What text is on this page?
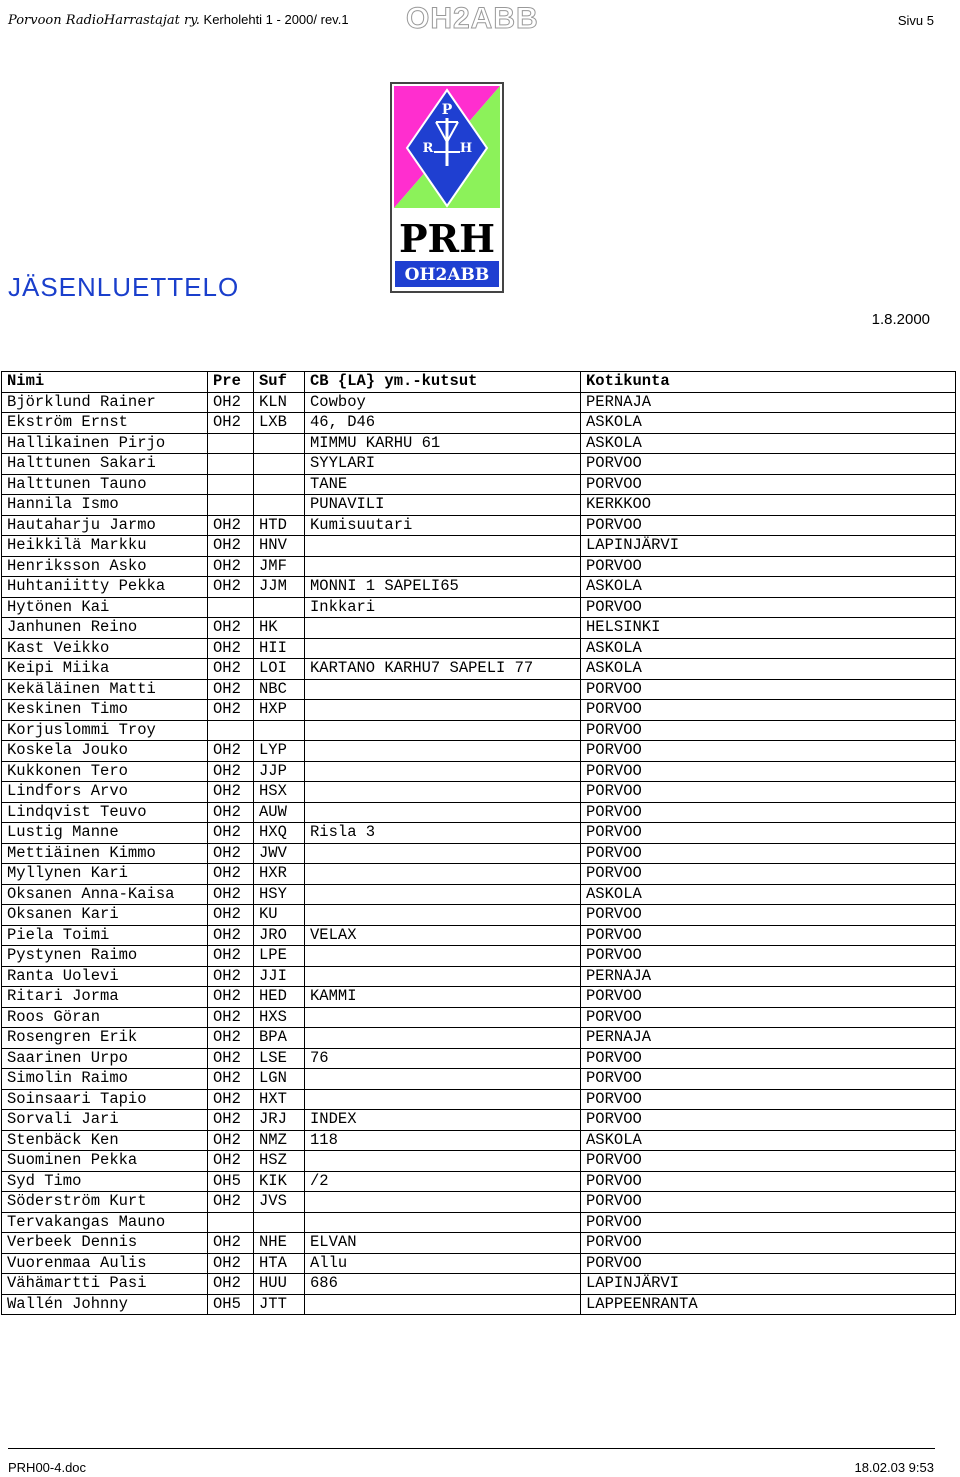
Porvoon RadioHarrastajat ry. Kerholehti 1 - 2000/ rev.1 OH2ABB	Sivu 5
P
R H
PRH
OH2ABB
JÄSENLUETTELO
1.8.2000
Nimi	Pre	Suf	CB {LA} ym.-kutsut	Kotikunta
Björklund Rainer	OH2	KLN	Cowboy	PERNAJA
Ekström Ernst	OH2	LXB	46, D46	ASKOLA
Hallikainen Pirjo			MIMMU KARHU 61	ASKOLA
Halttunen Sakari			SYYLARI	PORVOO
Halttunen Tauno			TANE	PORVOO
Hannila Ismo			PUNAVILI	KERKKOO
Hautaharju Jarmo	OH2	HTD	Kumisuutari	PORVOO
Heikkilä Markku	OH2	HNV		LAPINJÄRVI
Henriksson Asko	OH2	JMF		PORVOO
Huhtaniitty Pekka	OH2	JJM	MONNI 1 SAPELI65	ASKOLA
Hytönen Kai			Inkkari	PORVOO
Janhunen Reino	OH2	HK		HELSINKI
Kast Veikko	OH2	HII		ASKOLA
Keipi Miika	OH2	LOI	KARTANO KARHU7 SAPELI 77	ASKOLA
Kekäläinen Matti	OH2	NBC		PORVOO
Keskinen Timo	OH2	HXP		PORVOO
Korjuslommi Troy				PORVOO
Koskela Jouko	OH2	LYP		PORVOO
Kukkonen Tero	OH2	JJP		PORVOO
Lindfors Arvo	OH2	HSX		PORVOO
Lindqvist Teuvo	OH2	AUW		PORVOO
Lustig Manne	OH2	HXQ	Risla 3	PORVOO
Mettiäinen Kimmo	OH2	JWV		PORVOO
Myllynen Kari	OH2	HXR		PORVOO
Oksanen Anna-Kaisa	OH2	HSY		ASKOLA
Oksanen Kari	OH2	KU		PORVOO
Piela Toimi	OH2	JRO	VELAX	PORVOO
Pystynen Raimo	OH2	LPE		PORVOO
Ranta Uolevi	OH2	JJI		PERNAJA
Ritari Jorma	OH2	HED	KAMMI	PORVOO
Roos Göran	OH2	HXS		PORVOO
Rosengren Erik	OH2	BPA		PERNAJA
Saarinen Urpo	OH2	LSE	76	PORVOO
Simolin Raimo	OH2	LGN		PORVOO
Soinsaari Tapio	OH2	HXT		PORVOO
Sorvali Jari	OH2	JRJ	INDEX	PORVOO
Stenbäck Ken	OH2	NMZ	118	ASKOLA
Suominen Pekka	OH2	HSZ		PORVOO
Syd Timo	OH5	KIK	/2	PORVOO
Söderström Kurt	OH2	JVS		PORVOO
Tervakangas Mauno				PORVOO
Verbeek Dennis	OH2	NHE	ELVAN	PORVOO
Vuorenmaa Aulis	OH2	HTA	Allu	PORVOO
Vähämartti Pasi	OH2	HUU	686	LAPINJÄRVI
Wallén Johnny	OH5	JTT		LAPPEENRANTA
PRH00-4.doc	18.02.03 9:53
